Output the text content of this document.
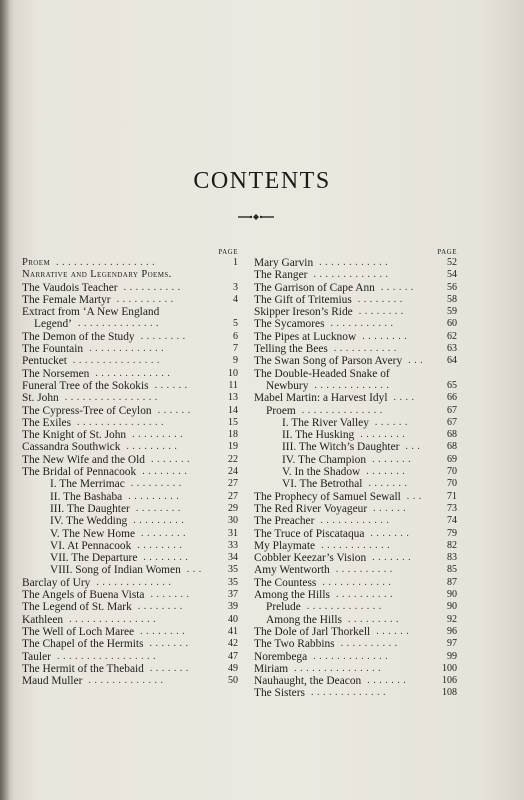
CONTENTS
PAGE
Proem	1
.................
Narrative and Legendary Poems.
The Vaudois Teacher	3
..........
The Female Martyr	4
..........
Extract from ‘A New England
Legend’	5
..............
The Demon of the Study	6
........
The Fountain	7
.............
Pentucket	9
...............
The Norsemen	10
.............
Funeral Tree of the Sokokis	11
......
St. John	13
................
The Cypress-Tree of Ceylon	14
......
The Exiles	15
...............
The Knight of St. John	18
.........
Cassandra Southwick	19
.........
The New Wife and the Old	22
.......
The Bridal of Pennacook	24
........
I. The Merrimac	27
.........
II. The Bashaba	27
.........
III. The Daughter	29
........
IV. The Wedding	30
.........
V. The New Home	31
........
VI. At Pennacook	33
........
VII. The Departure	34
........
VIII. Song of Indian Women	35
...
Barclay of Ury	35
.............
The Angels of Buena Vista	37
.......
The Legend of St. Mark	39
........
Kathleen	40
...............
The Well of Loch Maree	41
........
The Chapel of the Hermits	42
.......
Tauler	47
.................
The Hermit of the Thebaid	49
.......
Maud Muller	50
.............
PAGE
Mary Garvin	52
............
The Ranger	54
.............
The Garrison of Cape Ann	56
......
The Gift of Tritemius	58
........
Skipper Ireson’s Ride	59
........
The Sycamores	60
...........
The Pipes at Lucknow	62
........
Telling the Bees	63
...........
The Swan Song of Parson Avery	64
...
The Double-Headed Snake of
Newbury	65
.............
Mabel Martin: a Harvest Idyl	66
....
Proem	67
..............
I. The River Valley	67
......
II. The Husking	68
........
III. The Witch’s Daughter	68
...
IV. The Champion	69
.......
V. In the Shadow	70
.......
VI. The Betrothal	70
.......
The Prophecy of Samuel Sewall	71
...
The Red River Voyageur	73
......
The Preacher	74
............
The Truce of Piscataqua	79
.......
My Playmate	82
............
Cobbler Keezar’s Vision	83
.......
Amy Wentworth	85
..........
The Countess	87
............
Among the Hills	90
..........
Prelude	90
.............
Among the Hills	92
.........
The Dole of Jarl Thorkell	96
......
The Two Rabbins	97
..........
Norembega	99
.............
Miriam	100
...............
Nauhaught, the Deacon	106
.......
The Sisters	108
.............
